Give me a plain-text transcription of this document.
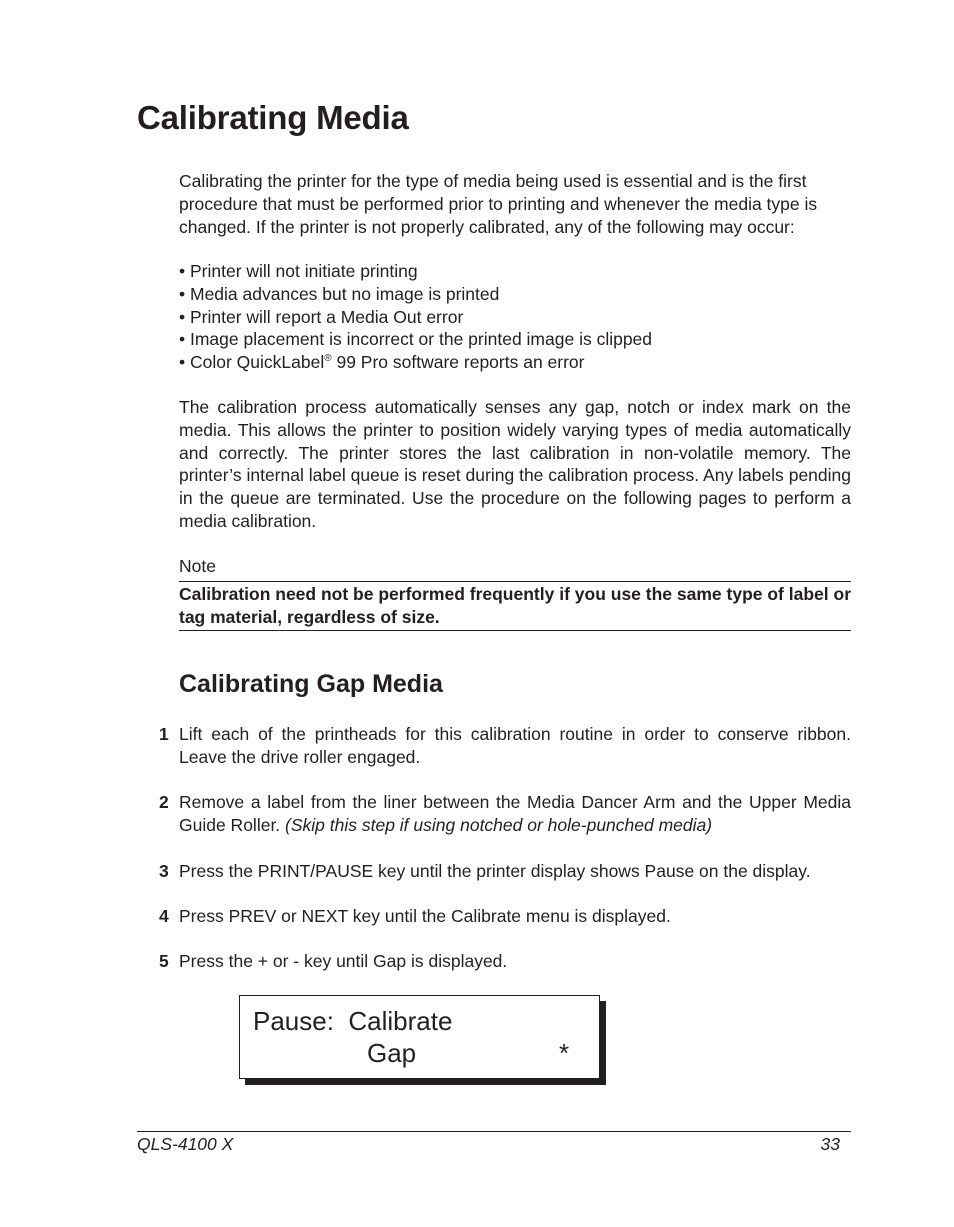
Calibrating Media

Calibrating the printer for the type of media being used is essential and is the first procedure that must be performed prior to printing and whenever the media type is changed. If the printer is not properly calibrated, any of the following may occur:

• Printer will not initiate printing
• Media advances but no image is printed
• Printer will report a Media Out error
• Image placement is incorrect or the printed image is clipped
• Color QuickLabel® 99 Pro software reports an error

The calibration process automatically senses any gap, notch or index mark on the media. This allows the printer to position widely varying types of media automatically and correctly. The printer stores the last calibration in non-volatile memory. The printer’s internal label queue is reset during the calibration process. Any labels pending in the queue are terminated. Use the procedure on the following pages to perform a media calibration.

Note
Calibration need not be performed frequently if you use the same type of label or tag material, regardless of size.
Calibrating Gap Media
1 Lift each of the printheads for this calibration routine in order to conserve ribbon. Leave the drive roller engaged.
2 Remove a label from the liner between the Media Dancer Arm and the Upper Media Guide Roller. (Skip this step if using notched or hole-punched media)
3 Press the PRINT/PAUSE key until the printer display shows Pause on the display.
4 Press PREV or NEXT key until the Calibrate menu is displayed.
5 Press the + or - key until Gap is displayed.
Pause:  Calibrate
Gap	*
QLS-4100 X	33
